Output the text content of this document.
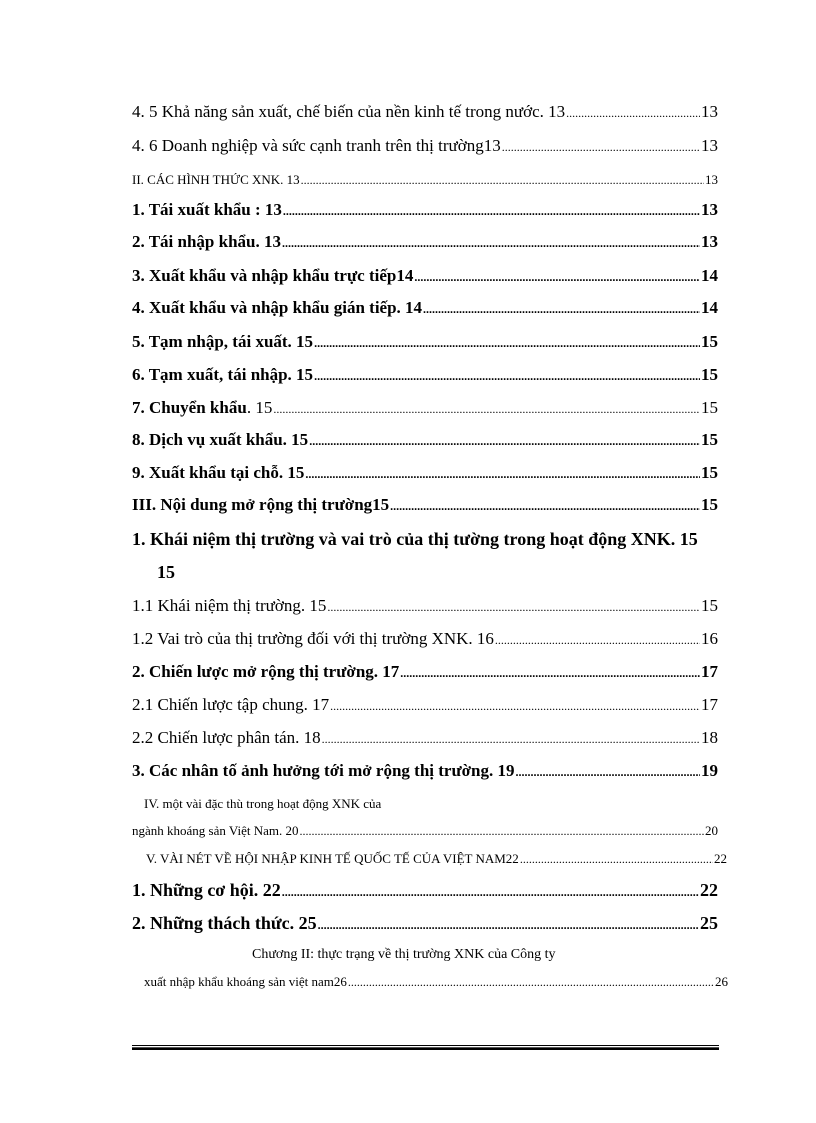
4. 5 Khả năng sản xuất, chế biến của nền kinh tế trong nước. 13 .....	13
4. 6 Doanh nghiệp và sức cạnh tranh trên thị trường13 .....	13
II. CÁC HÌNH THỨC XNK. 13 .....	13
1. Tái xuất khẩu : 13 .....	13
2. Tái nhập khẩu. 13 .....	13
3. Xuất khẩu và nhập khẩu trực tiếp14 .....	14
4. Xuất khẩu và nhập khẩu gián tiếp. 14 .....	14
5. Tạm nhập, tái xuất. 15 .....	15
6. Tạm xuất, tái nhập. 15 .....	15
7. Chuyển khẩu. 15 .....	15
8. Dịch vụ xuất khẩu. 15 .....	15
9. Xuất khẩu tại chỗ. 15 .....	15
III. Nội dung mở rộng thị trường15 .....	15
1. Khái niệm thị trường và vai trò của thị tường trong hoạt động XNK. 15
15
1.1 Khái niệm thị trường. 15 .....	15
1.2 Vai trò của thị trường đối với thị trường XNK. 16 .....	16
2. Chiến lược mở rộng thị trường. 17 .....	17
2.1 Chiến lược tập chung. 17 .....	17
2.2 Chiến lược phân tán. 18 .....	18
3. Các nhân tố ảnh hưởng tới mở rộng thị trường. 19 .....	19
IV. một vài đặc thù trong hoạt động XNK của
ngành khoáng sản Việt Nam. 20 .....	20
V. VÀI NÉT VỀ HỘI NHẬP KINH TẾ QUỐC TẾ CỦA VIỆT NAM22 .....	22
1. Những cơ hội. 22 .....	22
2. Những thách thức. 25 .....	25
Chương II: thực trạng về thị trường XNK của Công ty
xuất nhập khẩu khoáng sản việt nam26 .....	26
